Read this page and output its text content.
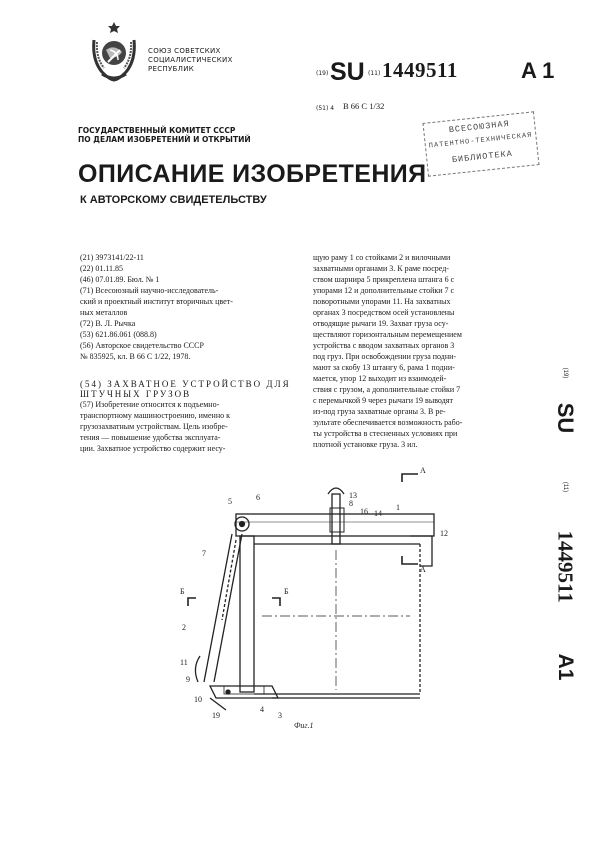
СОЮЗ СОВЕТСКИХ
СОЦИАЛИСТИЧЕСКИХ
РЕСПУБЛИК
(19) SU (11) 1449511	A 1
(51) 4 B 66 C 1/32
ВСЕСОЮЗНАЯ
ПАТЕНТНО-ТЕХНИЧЕСКАЯ
БИБЛИОТЕКА
ГОСУДАРСТВЕННЫЙ КОМИТЕТ СССР
ПО ДЕЛАМ ИЗОБРЕТЕНИЙ И ОТКРЫТИЙ
ОПИСАНИЕ ИЗОБРЕТЕНИЯ
К АВТОРСКОМУ СВИДЕТЕЛЬСТВУ
(21) 3973141/22-11
(22) 01.11.85
(46) 07.01.89. Бюл. № 1
(71) Всесоюзный научно-исследователь-
ский и проектный институт вторичных цвет-
ных металлов
(72) В. Л. Рычка
(53) 621.86.061 (088.8)
(56) Авторское свидетельство СССР
№ 835925, кл. B 66 C 1/22, 1978.
(54) ЗАХВАТНОЕ УСТРОЙСТВО ДЛЯ
ШТУЧНЫХ ГРУЗОВ
(57) Изобретение относится к подъемно-
транспортному машиностроению, именно к
грузозахватным устройствам. Цель изобре-
тения — повышение удобства эксплуата-
ции. Захватное устройство содержит несу-
щую раму 1 со стойками 2 и вилочными
захватными органами 3. К раме посред-
ством шарнира 5 прикреплена штанга 6 с
упорами 12 и дополнительные стойки 7 с
поворотными упорами 11. На захватных
органах 3 посредством осей установлены
отводящие рычаги 19. Захват груза осу-
ществляют горизонтальным перемещением
устройства с вводом захватных органов 3
под груз. При освобождении груза подни-
мают за скобу 13 штангу 6, рама 1 подни-
мается, упор 12 выходит из взаимодей-
ствия с грузом, а дополнительные стойки 7
с перемычкой 9 через рычаги 19 выводят
из-под груза захватные органы 3. В ре-
зультате обеспечивается возможность рабо-
ты устройства в стесненных условиях при
плотной установке груза. 3 ил.
(19)
SU
(11)
1449511
A1
A
A
Б	Б
5	6	13
8
16 14
1
12
7
2
11
9
10
19
4
3
Фиг.1
